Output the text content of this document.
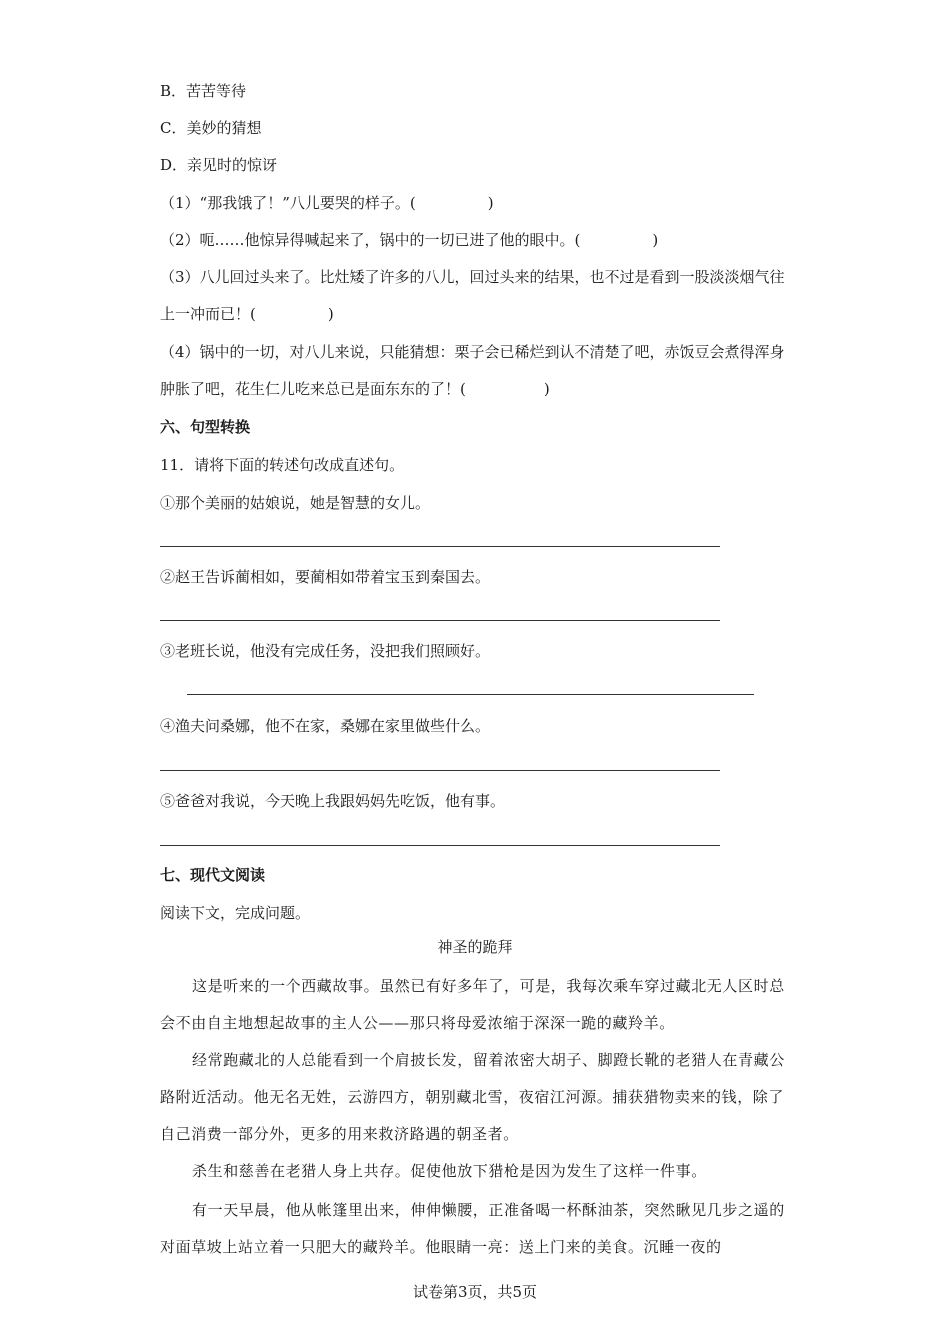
B．苦苦等待
C．美妙的猜想
D．亲见时的惊讶
（1）“那我饿了！”八儿要哭的样子。(	)
（2）呃……他惊异得喊起来了，锅中的一切已进了他的眼中。(	)
（3）八儿回过头来了。比灶矮了许多的八儿，回过头来的结果，也不过是看到一股淡淡烟气往上一冲而已！(	)
（4）锅中的一切，对八儿来说，只能猜想：栗子会已稀烂到认不清楚了吧，赤饭豆会煮得浑身肿胀了吧，花生仁儿吃来总已是面东东的了！(	)
六、句型转换
11．请将下面的转述句改成直述句。
①那个美丽的姑娘说，她是智慧的女儿。
②赵王告诉蔺相如，要蔺相如带着宝玉到秦国去。
③老班长说，他没有完成任务，没把我们照顾好。
④渔夫问桑娜，他不在家，桑娜在家里做些什么。
⑤爸爸对我说，今天晚上我跟妈妈先吃饭，他有事。
七、现代文阅读
阅读下文，完成问题。
神圣的跪拜
这是听来的一个西藏故事。虽然已有好多年了，可是，我每次乘车穿过藏北无人区时总会不由自主地想起故事的主人公——那只将母爱浓缩于深深一跪的藏羚羊。
经常跑藏北的人总能看到一个肩披长发，留着浓密大胡子、脚蹬长靴的老猎人在青藏公路附近活动。他无名无姓，云游四方，朝别藏北雪，夜宿江河源。捕获猎物卖来的钱，除了自己消费一部分外，更多的用来救济路遇的朝圣者。
杀生和慈善在老猎人身上共存。促使他放下猎枪是因为发生了这样一件事。
有一天早晨，他从帐篷里出来，伸伸懒腰，正准备喝一杯酥油茶，突然瞅见几步之遥的对面草坡上站立着一只肥大的藏羚羊。他眼睛一亮：送上门来的美食。沉睡一夜的
试卷第3页，共5页
